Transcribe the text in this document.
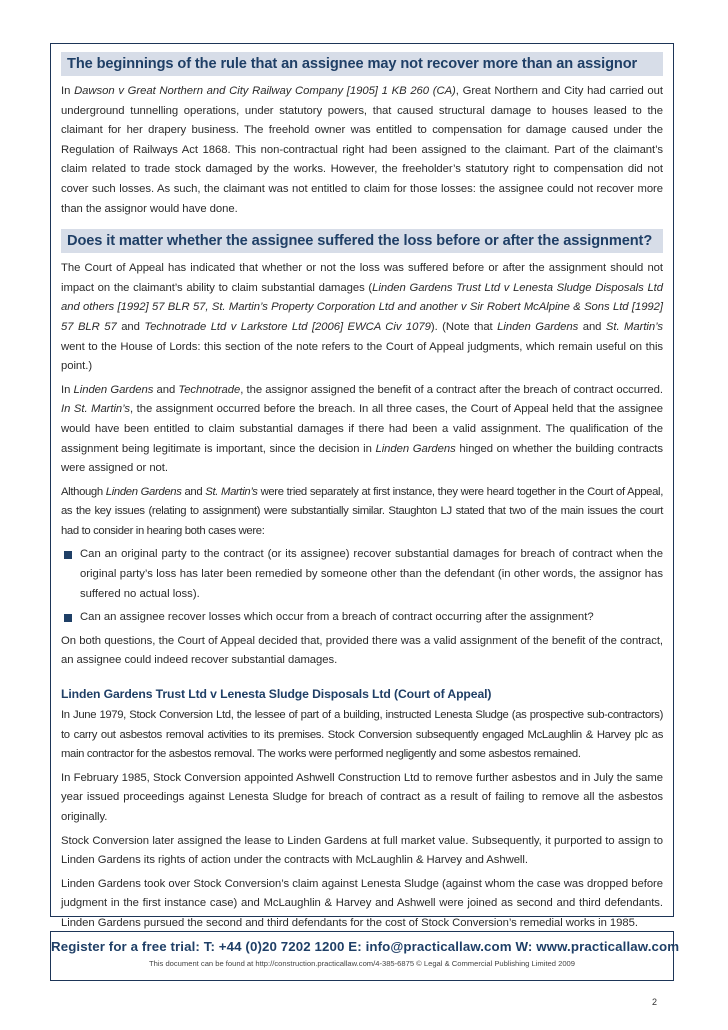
The beginnings of the rule that an assignee may not recover more than an assignor

In Dawson v Great Northern and City Railway Company [1905] 1 KB 260 (CA), Great Northern and City had carried out underground tunnelling operations, under statutory powers, that caused structural damage to houses leased to the claimant for her drapery business. The freehold owner was entitled to compensation for damage caused under the Regulation of Railways Act 1868. This non-contractual right had been assigned to the claimant. Part of the claimant’s claim related to trade stock damaged by the works. However, the freeholder’s statutory right to compensation did not cover such losses. As such, the claimant was not entitled to claim for those losses: the assignee could not recover more than the assignor would have done.

Does it matter whether the assignee suffered the loss before or after the assignment?

The Court of Appeal has indicated that whether or not the loss was suffered before or after the assignment should not impact on the claimant’s ability to claim substantial damages (Linden Gardens Trust Ltd v Lenesta Sludge Disposals Ltd and others [1992] 57 BLR 57, St. Martin’s Property Corporation Ltd and another v Sir Robert McAlpine & Sons Ltd [1992] 57 BLR 57 and Technotrade Ltd v Larkstore Ltd [2006] EWCA Civ 1079). (Note that Linden Gardens and St. Martin’s went to the House of Lords: this section of the note refers to the Court of Appeal judgments, which remain useful on this point.)

In Linden Gardens and Technotrade, the assignor assigned the benefit of a contract after the breach of contract occurred. In St. Martin’s, the assignment occurred before the breach. In all three cases, the Court of Appeal held that the assignee would have been entitled to claim substantial damages if there had been a valid assignment. The qualification of the assignment being legitimate is important, since the decision in Linden Gardens hinged on whether the building contracts were assigned or not.

Although Linden Gardens and St. Martin’s were tried separately at first instance, they were heard together in the Court of Appeal, as the key issues (relating to assignment) were substantially similar. Staughton LJ stated that two of the main issues the court had to consider in hearing both cases were:

Can an original party to the contract (or its assignee) recover substantial damages for breach of contract when the original party’s loss has later been remedied by someone other than the defendant (in other words, the assignor has suffered no actual loss).
Can an assignee recover losses which occur from a breach of contract occurring after the assignment?

On both questions, the Court of Appeal decided that, provided there was a valid assignment of the benefit of the contract, an assignee could indeed recover substantial damages.

Linden Gardens Trust Ltd v Lenesta Sludge Disposals Ltd (Court of Appeal)

In June 1979, Stock Conversion Ltd, the lessee of part of a building, instructed Lenesta Sludge (as prospective sub-contractors) to carry out asbestos removal activities to its premises. Stock Conversion subsequently engaged McLaughlin & Harvey plc as main contractor for the asbestos removal. The works were performed negligently and some asbestos remained.

In February 1985, Stock Conversion appointed Ashwell Construction Ltd to remove further asbestos and in July the same year issued proceedings against Lenesta Sludge for breach of contract as a result of failing to remove all the asbestos originally.

Stock Conversion later assigned the lease to Linden Gardens at full market value. Subsequently, it purported to assign to Linden Gardens its rights of action under the contracts with McLaughlin & Harvey and Ashwell.

Linden Gardens took over Stock Conversion’s claim against Lenesta Sludge (against whom the case was dropped before judgment in the first instance case) and McLaughlin & Harvey and Ashwell were joined as second and third defendants. Linden Gardens pursued the second and third defendants for the cost of Stock Conversion’s remedial works in 1985.

Register for a free trial: T: +44 (0)20 7202 1200 E: info@practicallaw.com W: www.practicallaw.com
This document can be found at http://construction.practicallaw.com/4-385-6875 © Legal & Commercial Publishing Limited 2009
2
